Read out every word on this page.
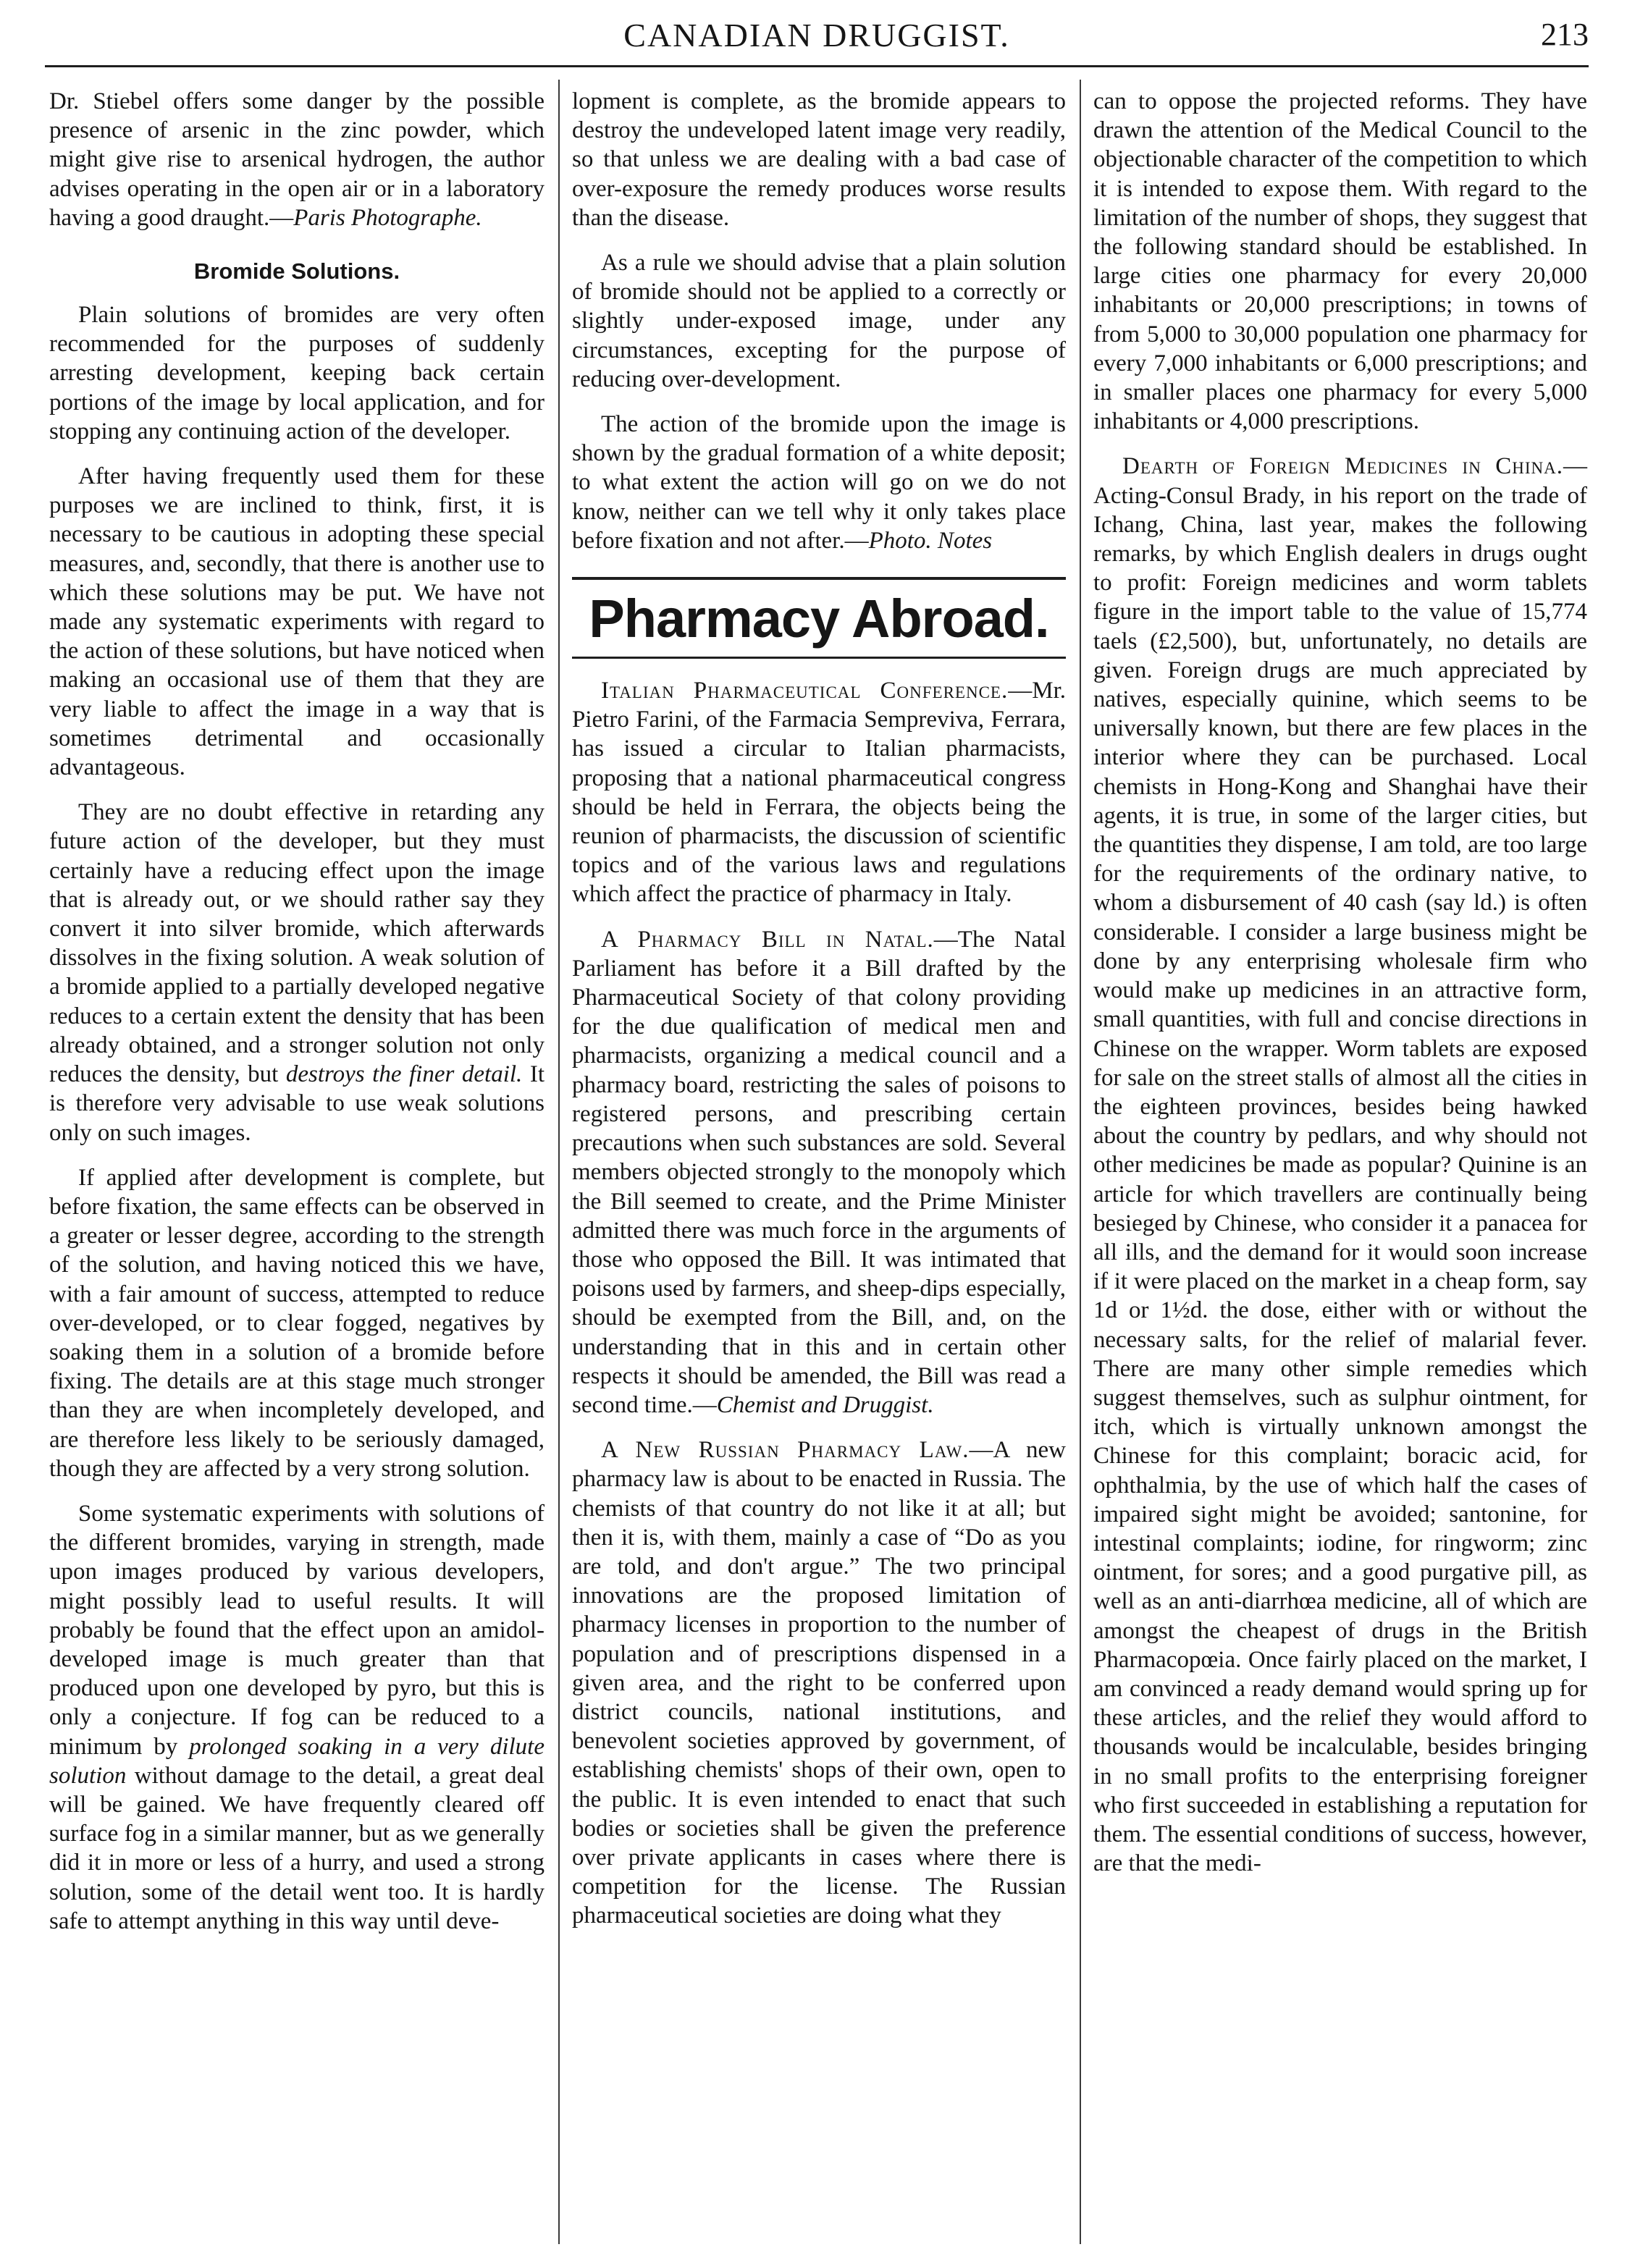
CANADIAN DRUGGIST.	213

Dr. Stiebel offers some danger by the possible presence of arsenic in the zinc powder, which might give rise to arsenical hydrogen, the author advises operating in the open air or in a laboratory having a good draught.—Paris Photographe.

Bromide Solutions.

Plain solutions of bromides are very often recommended for the purposes of suddenly arresting development, keeping back certain portions of the image by local application, and for stopping any continuing action of the developer.

After having frequently used them for these purposes we are inclined to think, first, it is necessary to be cautious in adopting these special measures, and, secondly, that there is another use to which these solutions may be put. We have not made any systematic experiments with regard to the action of these solutions, but have noticed when making an occasional use of them that they are very liable to affect the image in a way that is sometimes detrimental and occasionally advantageous.

They are no doubt effective in retarding any future action of the developer, but they must certainly have a reducing effect upon the image that is already out, or we should rather say they convert it into silver bromide, which afterwards dissolves in the fixing solution. A weak solution of a bromide applied to a partially developed negative reduces to a certain extent the density that has been already obtained, and a stronger solution not only reduces the density, but destroys the finer detail. It is therefore very advisable to use weak solutions only on such images.

If applied after development is complete, but before fixation, the same effects can be observed in a greater or lesser degree, according to the strength of the solution, and having noticed this we have, with a fair amount of success, attempted to reduce over-developed, or to clear fogged, negatives by soaking them in a solution of a bromide before fixing. The details are at this stage much stronger than they are when incompletely developed, and are therefore less likely to be seriously damaged, though they are affected by a very strong solution.

Some systematic experiments with solutions of the different bromides, varying in strength, made upon images produced by various developers, might possibly lead to useful results. It will probably be found that the effect upon an amidol-developed image is much greater than that produced upon one developed by pyro, but this is only a conjecture. If fog can be reduced to a minimum by prolonged soaking in a very dilute solution without damage to the detail, a great deal will be gained. We have frequently cleared off surface fog in a similar manner, but as we generally did it in more or less of a hurry, and used a strong solution, some of the detail went too. It is hardly safe to attempt anything in this way until deve-

lopment is complete, as the bromide appears to destroy the undeveloped latent image very readily, so that unless we are dealing with a bad case of over-exposure the remedy produces worse results than the disease.

As a rule we should advise that a plain solution of bromide should not be applied to a correctly or slightly under-exposed image, under any circumstances, excepting for the purpose of reducing over-development.

The action of the bromide upon the image is shown by the gradual formation of a white deposit; to what extent the action will go on we do not know, neither can we tell why it only takes place before fixation and not after.—Photo. Notes

Pharmacy Abroad.

Italian Pharmaceutical Conference.—Mr. Pietro Farini, of the Farmacia Semprevivа, Ferrara, has issued a circular to Italian pharmacists, proposing that a national pharmaceutical congress should be held in Ferrara, the objects being the reunion of pharmacists, the discussion of scientific topics and of the various laws and regulations which affect the practice of pharmacy in Italy.

A Pharmacy Bill in Natal.—The Natal Parliament has before it a Bill drafted by the Pharmaceutical Society of that colony providing for the due qualification of medical men and pharmacists, organizing a medical council and a pharmacy board, restricting the sales of poisons to registered persons, and prescribing certain precautions when such substances are sold. Several members objected strongly to the monopoly which the Bill seemed to create, and the Prime Minister admitted there was much force in the arguments of those who opposed the Bill. It was intimated that poisons used by farmers, and sheep-dips especially, should be exempted from the Bill, and, on the understanding that in this and in certain other respects it should be amended, the Bill was read a second time.—Chemist and Druggist.

A New Russian Pharmacy Law.—A new pharmacy law is about to be enacted in Russia. The chemists of that country do not like it at all; but then it is, with them, mainly a case of “Do as you are told, and don't argue.” The two principal innovations are the proposed limitation of pharmacy licenses in proportion to the number of population and of prescriptions dispensed in a given area, and the right to be conferred upon district councils, national institutions, and benevolent societies approved by government, of establishing chemists' shops of their own, open to the public. It is even intended to enact that such bodies or societies shall be given the preference over private applicants in cases where there is competition for the license. The Russian pharmaceutical societies are doing what they

can to oppose the projected reforms. They have drawn the attention of the Medical Council to the objectionable character of the competition to which it is intended to expose them. With regard to the limitation of the number of shops, they suggest that the following standard should be established. In large cities one pharmacy for every 20,000 inhabitants or 20,000 prescriptions; in towns of from 5,000 to 30,000 population one pharmacy for every 7,000 inhabitants or 6,000 prescriptions; and in smaller places one pharmacy for every 5,000 inhabitants or 4,000 prescriptions.

Dearth of Foreign Medicines in China.—Acting-Consul Brady, in his report on the trade of Ichang, China, last year, makes the following remarks, by which English dealers in drugs ought to profit: Foreign medicines and worm tablets figure in the import table to the value of 15,774 taels (£2,500), but, unfortunately, no details are given. Foreign drugs are much appreciated by natives, especially quinine, which seems to be universally known, but there are few places in the interior where they can be purchased. Local chemists in Hong-Kong and Shanghai have their agents, it is true, in some of the larger cities, but the quantities they dispense, I am told, are too large for the requirements of the ordinary native, to whom a disbursement of 40 cash (say ld.) is often considerable. I consider a large business might be done by any enterprising wholesale firm who would make up medicines in an attractive form, small quantities, with full and concise directions in Chinese on the wrapper. Worm tablets are exposed for sale on the street stalls of almost all the cities in the eighteen provinces, besides being hawked about the country by pedlars, and why should not other medicines be made as popular? Quinine is an article for which travellers are continually being besieged by Chinese, who consider it a panacea for all ills, and the demand for it would soon increase if it were placed on the market in a cheap form, say 1d or 1½d. the dose, either with or without the necessary salts, for the relief of malarial fever. There are many other simple remedies which suggest themselves, such as sulphur ointment, for itch, which is virtually unknown amongst the Chinese for this complaint; boracic acid, for ophthalmia, by the use of which half the cases of impaired sight might be avoided; santonine, for intestinal complaints; iodine, for ringworm; zinc ointment, for sores; and a good purgative pill, as well as an anti-diarrhœa medicine, all of which are amongst the cheapest of drugs in the British Pharmacopœia. Once fairly placed on the market, I am convinced a ready demand would spring up for these articles, and the relief they would afford to thousands would be incalculable, besides bringing in no small profits to the enterprising foreigner who first succeeded in establishing a reputation for them. The essential conditions of success, however, are that the medi-
